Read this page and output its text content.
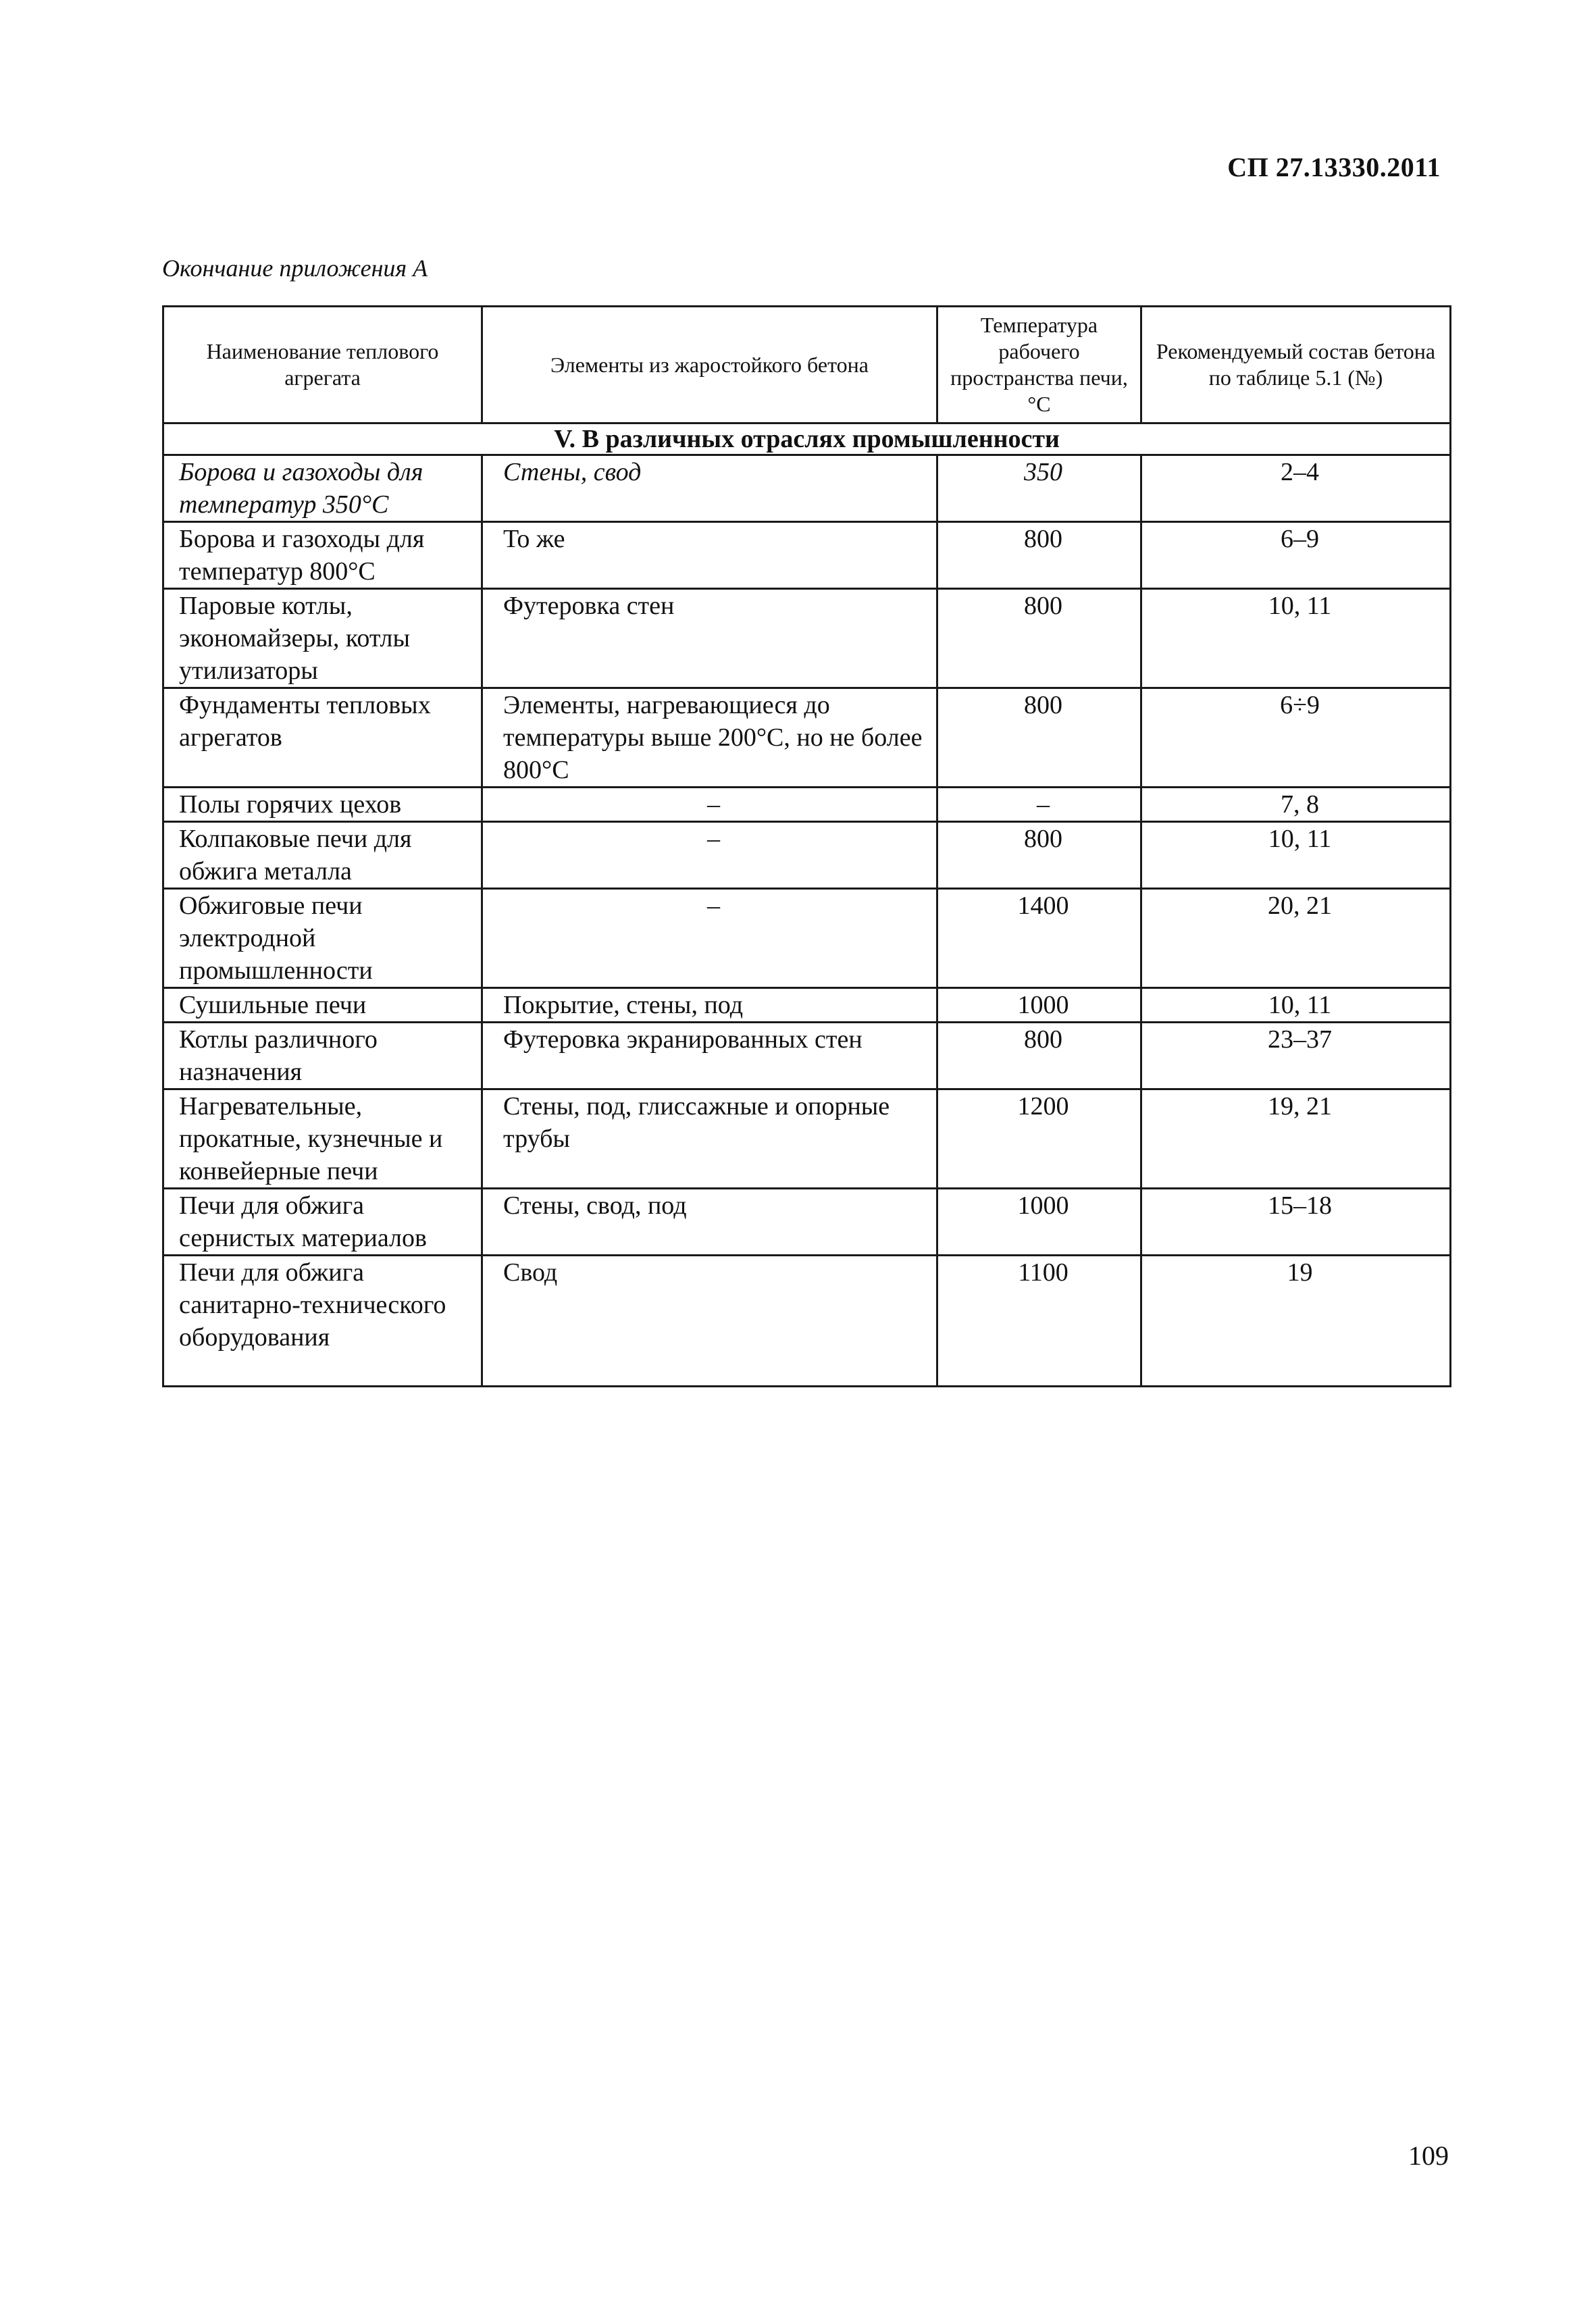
СП 27.13330.2011
Окончание приложения А
Наименование теплового агрегата	Элементы из жаростойкого бетона	Температура рабочего пространства печи, °С	Рекомендуемый состав бетона по таблице 5.1 (№)
V. В различных отраслях промышленности			
Борова и газоходы для температур 350°С	Стены, свод	350	2–4
Борова и газоходы для температур 800°С	То же	800	6–9
Паровые котлы, экономайзеры, котлы утилизаторы	Футеровка стен	800	10, 11
Фундаменты тепловых агрегатов	Элементы, нагревающиеся до температуры выше 200°С, но не более 800°С	800	6÷9
Полы горячих цехов	–	–	7, 8
Колпаковые печи для обжига металла	–	800	10, 11
Обжиговые печи электродной промышленности	–	1400	20, 21
Сушильные печи	Покрытие, стены, под	1000	10, 11
Котлы различного назначения	Футеровка экранированных стен	800	23–37
Нагревательные, прокатные, кузнечные и конвейерные печи	Стены, под, глиссажные и опорные трубы	1200	19, 21
Печи для обжига сернистых материалов	Стены, свод, под	1000	15–18
Печи для обжига санитарно-технического оборудования	Свод	1100	19
109
